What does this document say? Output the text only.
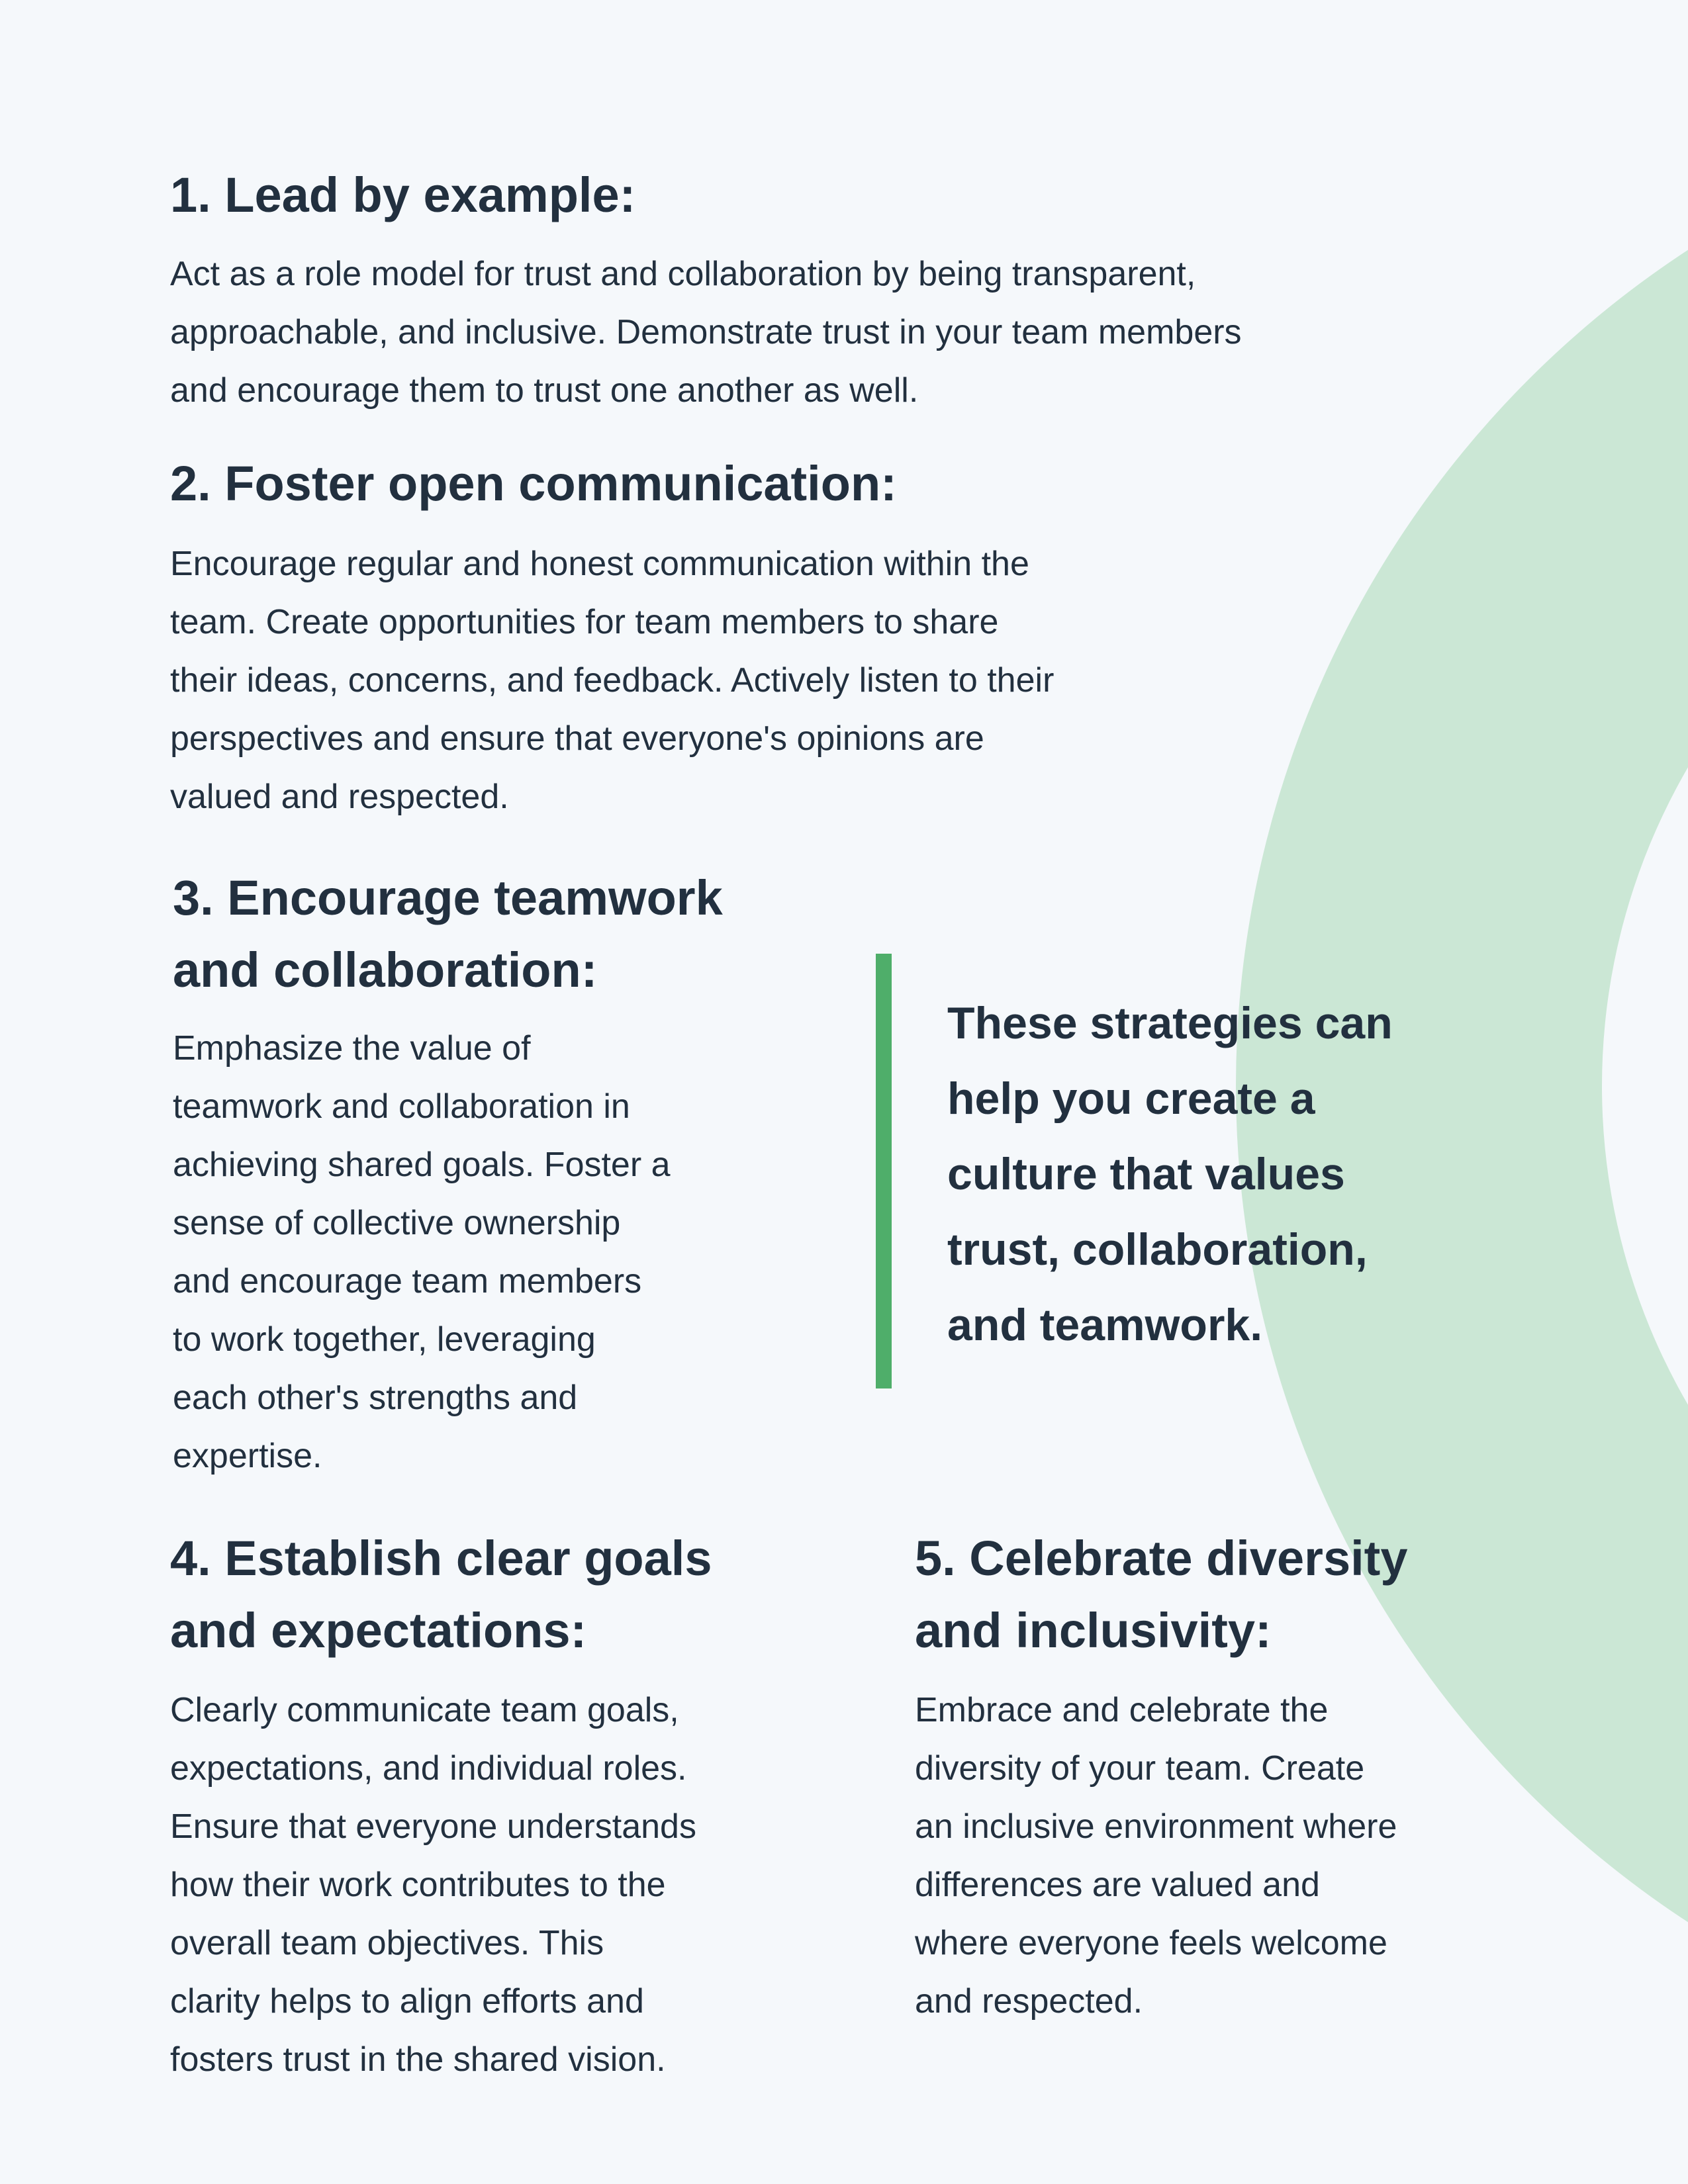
1. Lead by example:
Act as a role model for trust and collaboration by being transparent,
approachable, and inclusive. Demonstrate trust in your team members
and encourage them to trust one another as well.
2. Foster open communication:
Encourage regular and honest communication within the
team. Create opportunities for team members to share
their ideas, concerns, and feedback. Actively listen to their
perspectives and ensure that everyone's opinions are
valued and respected.
3. Encourage teamwork
and collaboration:
Emphasize the value of
teamwork and collaboration in
achieving shared goals. Foster a
sense of collective ownership
and encourage team members
to work together, leveraging
each other's strengths and
expertise.
These strategies can
help you create a
culture that values
trust, collaboration,
and teamwork.
4. Establish clear goals
and expectations:
Clearly communicate team goals,
expectations, and individual roles.
Ensure that everyone understands
how their work contributes to the
overall team objectives. This
clarity helps to align efforts and
fosters trust in the shared vision.
5. Celebrate diversity
and inclusivity:
Embrace and celebrate the
diversity of your team. Create
an inclusive environment where
differences are valued and
where everyone feels welcome
and respected.
